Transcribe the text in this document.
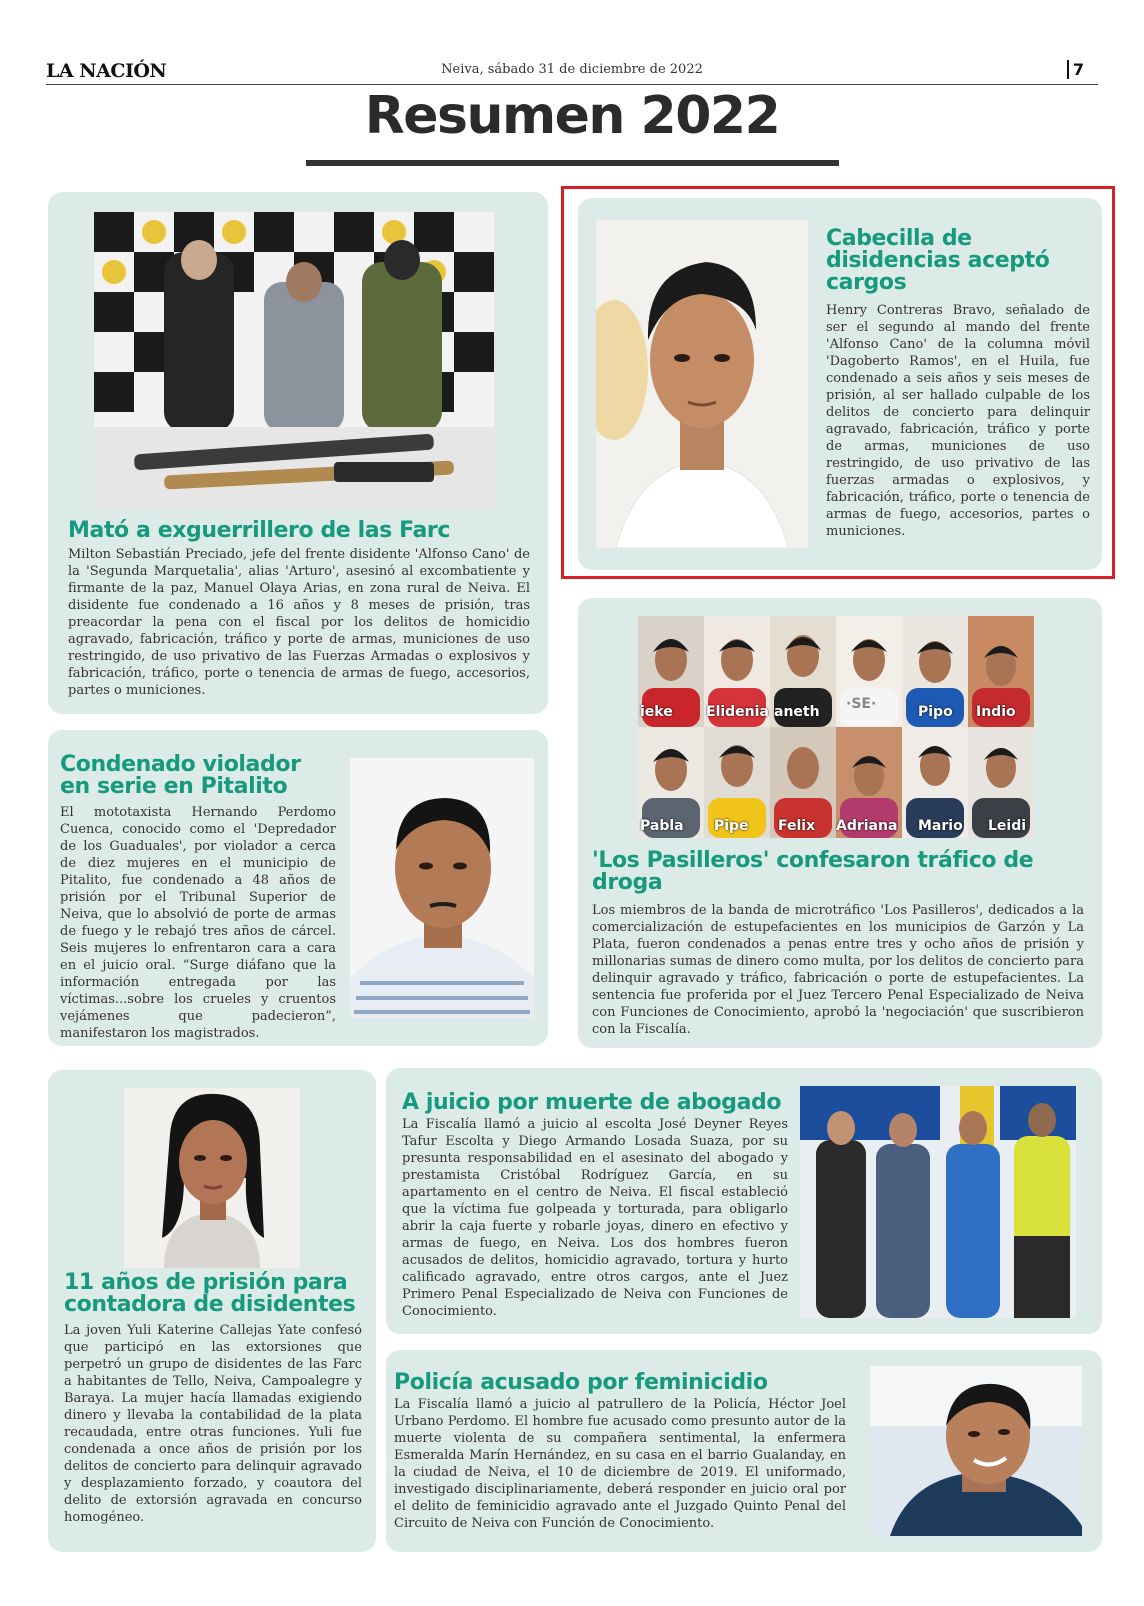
LA NACIÓN	Neiva, sábado 31 de diciembre de 2022	7
Resumen 2022
Mató a exguerrillero de las Farc

Milton Sebastián Preciado, jefe del frente disidente 'Alfonso Cano' de la 'Segunda Marquetalia', alias 'Arturo', asesinó al excombatiente y firmante de la paz, Manuel Olaya Arias, en zona rural de Neiva. El disidente fue condenado a 16 años y 8 meses de prisión, tras preacordar la pena con el fiscal por los delitos de homicidio agravado, fabricación, tráfico y porte de armas, municiones de uso restringido, de uso privativo de las Fuerzas Armadas o explosivos y fabricación, tráfico, porte o tenencia de armas de fuego, accesorios, partes o municiones.

Cabecilla de disidencias aceptó cargos

Henry Contreras Bravo, señalado de ser el segundo al mando del frente 'Alfonso Cano' de la columna móvil 'Dagoberto Ramos', en el Huila, fue condenado a seis años y seis meses de prisión, al ser hallado culpable de los delitos de concierto para delinquir agravado, fabricación, tráfico y porte de armas, municiones de uso restringido, de uso privativo de las fuerzas armadas o explosivos, y fabricación, tráfico, porte o tenencia de armas de fuego, accesorios, partes o municiones.

Condenado violador en serie en Pitalito

El mototaxista Hernando Perdomo Cuenca, conocido como el 'Depredador de los Guaduales', por violador a cerca de diez mujeres en el municipio de Pitalito, fue condenado a 48 años de prisión por el Tribunal Superior de Neiva, que lo absolvió de porte de armas de fuego y le rebajó tres años de cárcel. Seis mujeres lo enfrentaron cara a cara en el juicio oral. “Surge diáfano que la información entregada por las víctimas...sobre los crueles y cruentos vejámenes que padecieron”, manifestaron los magistrados.

ieke Elidenia aneth ·SE·	Pipo Indio
Pabla Pipe Felix Adriana Mario Leidi
'Los Pasilleros' confesaron tráfico de droga

Los miembros de la banda de microtráfico 'Los Pasilleros', dedicados a la comercialización de estupefacientes en los municipios de Garzón y La Plata, fueron condenados a penas entre tres y ocho años de prisión y millonarias sumas de dinero como multa, por los delitos de concierto para delinquir agravado y tráfico, fabricación o porte de estupefacientes. La sentencia fue proferida por el Juez Tercero Penal Especializado de Neiva con Funciones de Conocimiento, aprobó la 'negociación' que suscribieron con la Fiscalía.

11 años de prisión para contadora de disidentes

La joven Yuli Katerine Callejas Yate confesó que participó en las extorsiones que perpetró un grupo de disidentes de las Farc a habitantes de Tello, Neiva, Campoalegre y Baraya. La mujer hacía llamadas exigiendo dinero y llevaba la contabilidad de la plata recaudada, entre otras funciones. Yuli fue condenada a once años de prisión por los delitos de concierto para delinquir agravado y desplazamiento forzado, y coautora del delito de extorsión agravada en concurso homogéneo.

A juicio por muerte de abogado

La Fiscalía llamó a juicio al escolta José Deyner Reyes Tafur Escolta y Diego Armando Losada Suaza, por su presunta responsabilidad en el asesinato del abogado y prestamista Cristóbal Rodríguez García, en su apartamento en el centro de Neiva. El fiscal estableció que la víctima fue golpeada y torturada, para obligarlo abrir la caja fuerte y robarle joyas, dinero en efectivo y armas de fuego, en Neiva. Los dos hombres fueron acusados de delitos, homicidio agravado, tortura y hurto calificado agravado, entre otros cargos, ante el Juez Primero Penal Especializado de Neiva con Funciones de Conocimiento.

Policía acusado por feminicidio

La Fiscalía llamó a juicio al patrullero de la Policía, Héctor Joel Urbano Perdomo. El hombre fue acusado como presunto autor de la muerte violenta de su compañera sentimental, la enfermera Esmeralda Marín Hernández, en su casa en el barrio Gualanday, en la ciudad de Neiva, el 10 de diciembre de 2019. El uniformado, investigado disciplinariamente, deberá responder en juicio oral por el delito de feminicidio agravado ante el Juzgado Quinto Penal del Circuito de Neiva con Función de Conocimiento.
